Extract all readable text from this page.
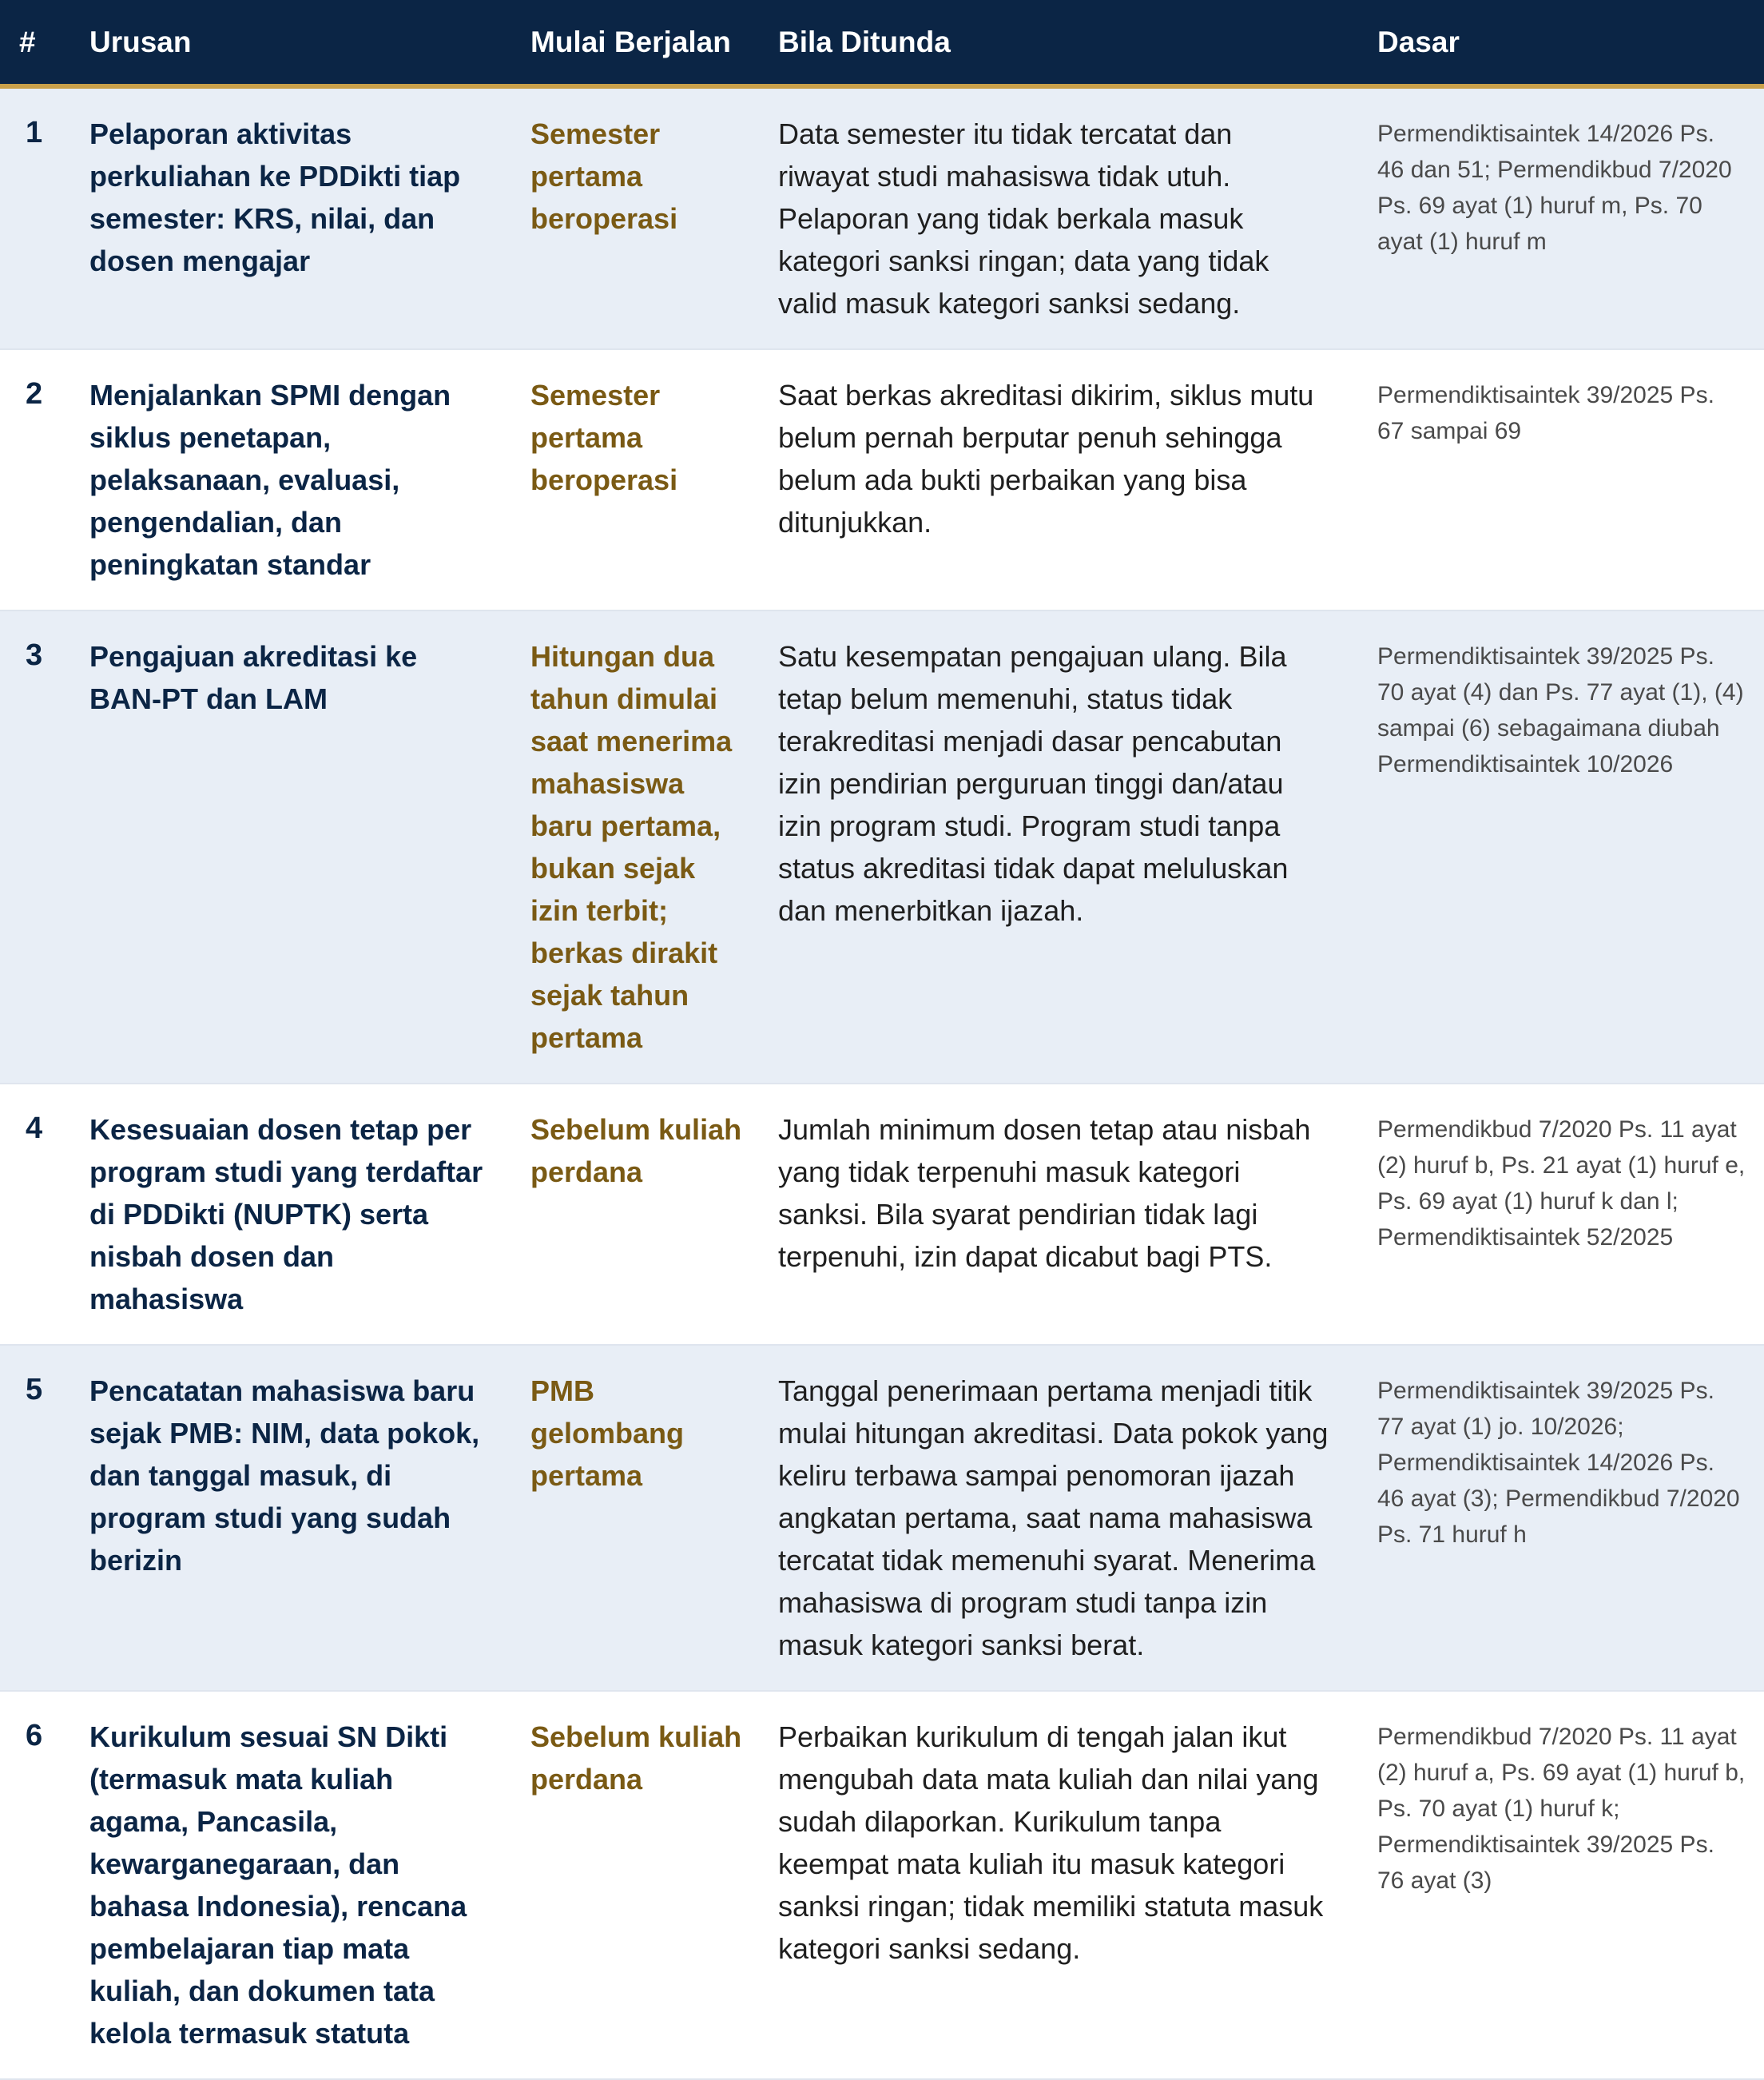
#	Urusan	Mulai Berjalan	Bila Ditunda	Dasar
1	Pelaporan aktivitas perkuliahan ke PDDikti tiap semester: KRS, nilai, dan dosen mengajar	Semester pertama beroperasi	Data semester itu tidak tercatat dan riwayat studi mahasiswa tidak utuh. Pelaporan yang tidak berkala masuk kategori sanksi ringan; data yang tidak valid masuk kategori sanksi sedang.	Permendiktisaintek 14/2026 Ps. 46 dan 51; Permendikbud 7/2020 Ps. 69 ayat (1) huruf m, Ps. 70 ayat (1) huruf m
2	Menjalankan SPMI dengan siklus penetapan, pelaksanaan, evaluasi, pengendalian, dan peningkatan standar	Semester pertama beroperasi	Saat berkas akreditasi dikirim, siklus mutu belum pernah berputar penuh sehingga belum ada bukti perbaikan yang bisa ditunjukkan.	Permendiktisaintek 39/2025 Ps. 67 sampai 69
3	Pengajuan akreditasi ke BAN-PT dan LAM	Hitungan dua tahun dimulai saat menerima mahasiswa baru pertama, bukan sejak izin terbit; berkas dirakit sejak tahun pertama	Satu kesempatan pengajuan ulang. Bila tetap belum memenuhi, status tidak terakreditasi menjadi dasar pencabutan izin pendirian perguruan tinggi dan/atau izin program studi. Program studi tanpa status akreditasi tidak dapat meluluskan dan menerbitkan ijazah.	Permendiktisaintek 39/2025 Ps. 70 ayat (4) dan Ps. 77 ayat (1), (4) sampai (6) sebagaimana diubah Permendiktisaintek 10/2026
4	Kesesuaian dosen tetap per program studi yang terdaftar di PDDikti (NUPTK) serta nisbah dosen dan mahasiswa	Sebelum kuliah perdana	Jumlah minimum dosen tetap atau nisbah yang tidak terpenuhi masuk kategori sanksi. Bila syarat pendirian tidak lagi terpenuhi, izin dapat dicabut bagi PTS.	Permendikbud 7/2020 Ps. 11 ayat (2) huruf b, Ps. 21 ayat (1) huruf e, Ps. 69 ayat (1) huruf k dan l; Permendiktisaintek 52/2025
5	Pencatatan mahasiswa baru sejak PMB: NIM, data pokok, dan tanggal masuk, di program studi yang sudah berizin	PMB gelombang pertama	Tanggal penerimaan pertama menjadi titik mulai hitungan akreditasi. Data pokok yang keliru terbawa sampai penomoran ijazah angkatan pertama, saat nama mahasiswa tercatat tidak memenuhi syarat. Menerima mahasiswa di program studi tanpa izin masuk kategori sanksi berat.	Permendiktisaintek 39/2025 Ps. 77 ayat (1) jo. 10/2026; Permendiktisaintek 14/2026 Ps. 46 ayat (3); Permendikbud 7/2020 Ps. 71 huruf h
6	Kurikulum sesuai SN Dikti (termasuk mata kuliah agama, Pancasila, kewarganegaraan, dan bahasa Indonesia), rencana pembelajaran tiap mata kuliah, dan dokumen tata kelola termasuk statuta	Sebelum kuliah perdana	Perbaikan kurikulum di tengah jalan ikut mengubah data mata kuliah dan nilai yang sudah dilaporkan. Kurikulum tanpa keempat mata kuliah itu masuk kategori sanksi ringan; tidak memiliki statuta masuk kategori sanksi sedang.	Permendikbud 7/2020 Ps. 11 ayat (2) huruf a, Ps. 69 ayat (1) huruf b, Ps. 70 ayat (1) huruf k; Permendiktisaintek 39/2025 Ps. 76 ayat (3)
